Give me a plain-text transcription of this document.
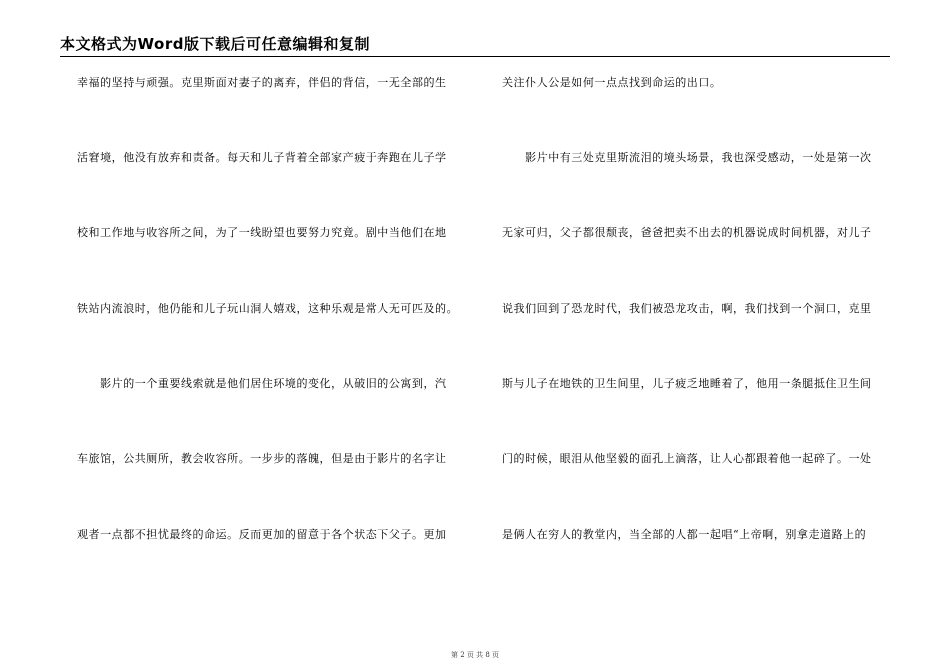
本文格式为Word版下载后可任意编辑和复制
幸福的坚持与顽强。克里斯面对妻子的离弃，伴侣的背信，一无全部的生
活窘境，他没有放弃和责备。每天和儿子背着全部家产疲于奔跑在儿子学
校和工作地与收容所之间，为了一线盼望也要努力究竟。剧中当他们在地
铁站内流浪时，他仍能和儿子玩山洞人嬉戏，这种乐观是常人无可匹及的。
　　影片的一个重要线索就是他们居住环境的变化，从破旧的公寓到，汽
车旅馆，公共厕所，教会收容所。一步步的落魄，但是由于影片的名字让
观者一点都不担忧最终的命运。反而更加的留意于各个状态下父子。更加
关注仆人公是如何一点点找到命运的出口。
　　影片中有三处克里斯流泪的境头场景，我也深受感动，一处是第一次
无家可归，父子都很颓丧，爸爸把卖不出去的机器说成时间机器，对儿子
说我们回到了恐龙时代，我们被恐龙攻击，啊，我们找到一个洞口，克里
斯与儿子在地铁的卫生间里，儿子疲乏地睡着了，他用一条腿抵住卫生间
门的时候，眼泪从他坚毅的面孔上滴落，让人心都跟着他一起碎了。一处
是俩人在穷人的教堂内，当全部的人都一起唱“上帝啊，别拿走道路上的
第 2 页 共 8 页
